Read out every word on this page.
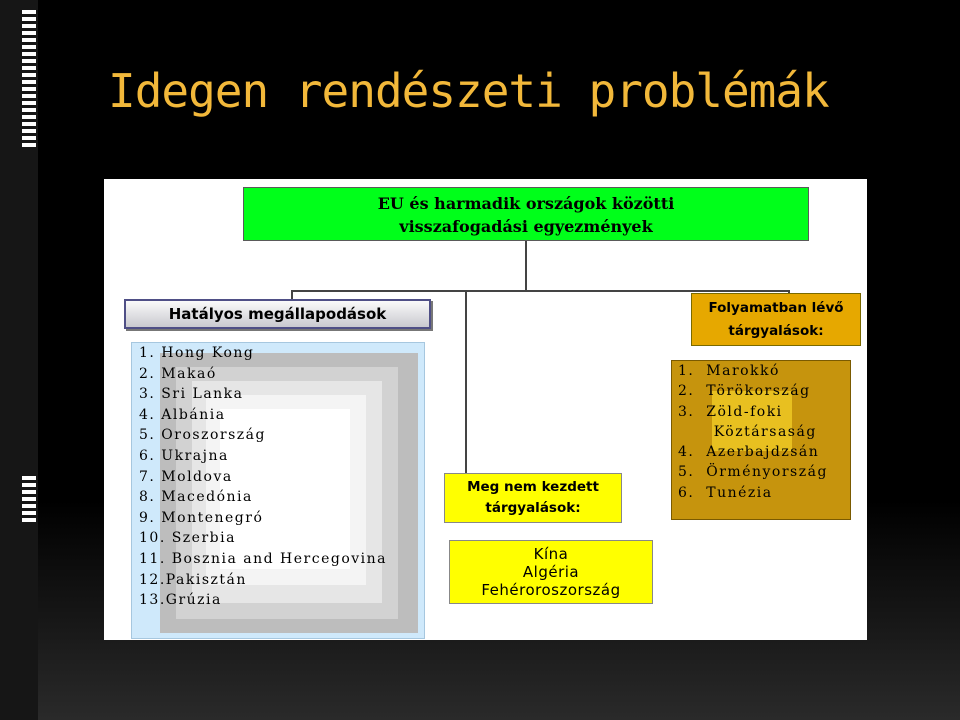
Idegen rendészeti problémák
EU és harmadik országok közötti
visszafogadási egyezmények
Hatályos megállapodások
1. Hong Kong
2. Makaó
3. Sri Lanka
4. Albánia
5. Oroszország
6. Ukrajna
7. Moldova
8. Macedónia
9. Montenegró
10. Szerbia
11. Bosznia and Hercegovina
12.Pakisztán
13.Grúzia
Meg nem kezdett
tárgyalások:
Kína
Algéria
Fehéroroszország
Folyamatban lévő
tárgyalások:
1.  Marokkó
2.  Törökország
3.  Zöld-foki
Köztársaság
4.  Azerbajdzsán
5.  Örményország
6.  Tunézia
